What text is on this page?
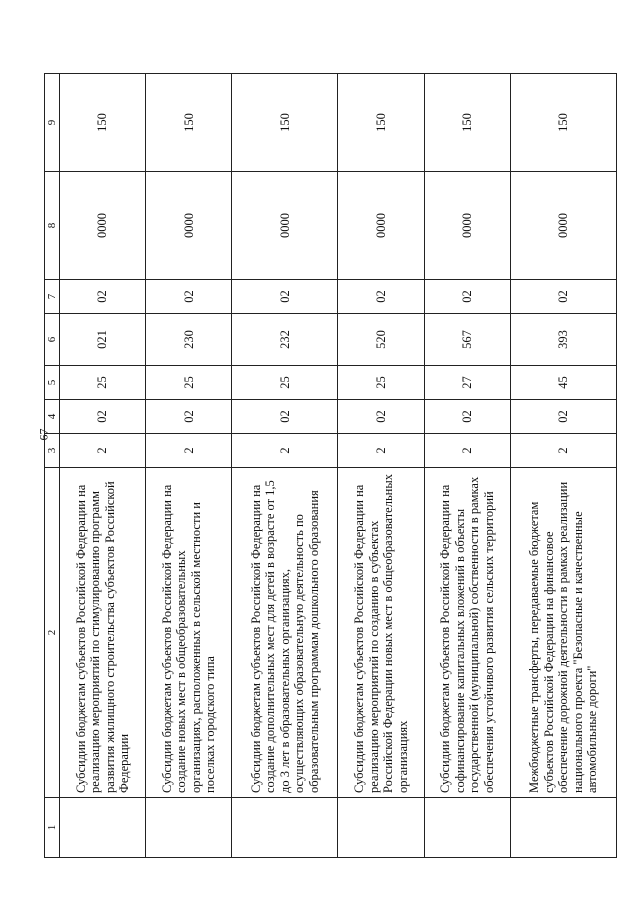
67
1	2	3	4	5	6	7	8	9
	Субсидии бюджетам субъектов Российской Федерации на реализацию мероприятий по стимулированию программ развития жилищного строительства субъектов Российской Федерации	2	02	25	021	02	0000	150
	Субсидии бюджетам субъектов Российской Федерации на создание новых мест в общеобразовательных организациях, расположенных в сельской местности и поселках городского типа	2	02	25	230	02	0000	150
	Субсидии бюджетам субъектов Российской Федерации на создание дополнительных мест для детей в возрасте от 1,5 до 3 лет в образовательных организациях, осуществляющих образовательную деятельность по образовательным программам дошкольного образования	2	02	25	232	02	0000	150
	Субсидии бюджетам субъектов Российской Федерации на реализацию мероприятий по созданию в субъектах Российской Федерации новых мест в общеобразовательных организациях	2	02	25	520	02	0000	150
	Субсидии бюджетам субъектов Российской Федерации на софинансирование капитальных вложений в объекты государственной (муниципальной) собственности в рамках обеспечения устойчивого развития сельских территорий	2	02	27	567	02	0000	150
	Межбюджетные трансферты, передаваемые бюджетам субъектов Российской Федерации на финансовое обеспечение дорожной деятельности в рамках реализации национального проекта "Безопасные и качественные автомобильные дороги"	2	02	45	393	02	0000	150
